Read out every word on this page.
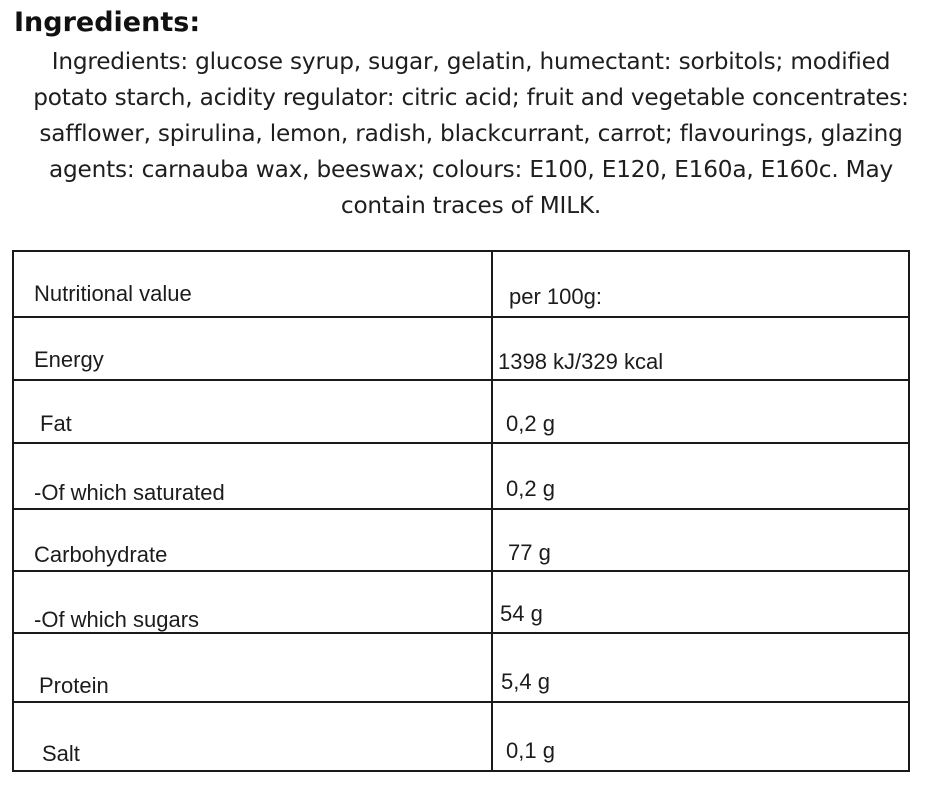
Ingredients:
Ingredients: glucose syrup, sugar, gelatin, humectant: sorbitols; modified
potato starch, acidity regulator: citric acid; fruit and vegetable concentrates:
safflower, spirulina, lemon, radish, blackcurrant, carrot; flavourings, glazing
agents: carnauba wax, beeswax; colours: E100, E120, E160a, E160c. May
contain traces of MILK.
Nutritional value	per 100g:
Energy	1398 kJ/329 kcal
Fat	0,2 g
-Of which saturated	0,2 g
Carbohydrate	77 g
-Of which sugars	54 g
Protein	5,4 g
Salt	0,1 g
